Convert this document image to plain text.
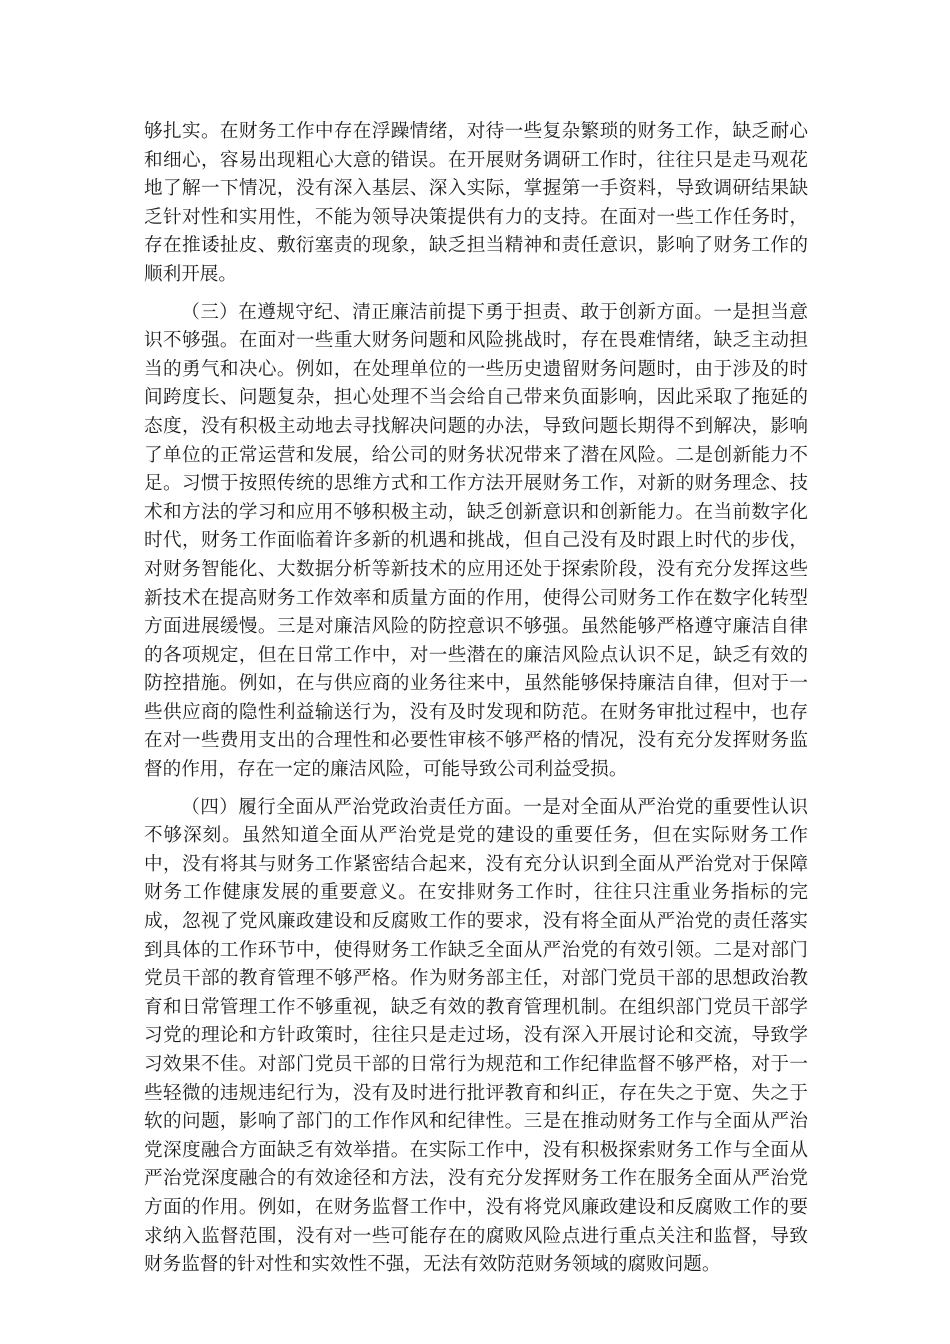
够扎实。在财务工作中存在浮躁情绪，对待一些复杂繁琐的财务工作，缺乏耐心和细心，容易出现粗心大意的错误。在开展财务调研工作时，往往只是走马观花地了解一下情况，没有深入基层、深入实际，掌握第一手资料，导致调研结果缺乏针对性和实用性，不能为领导决策提供有力的支持。在面对一些工作任务时，存在推诿扯皮、敷衍塞责的现象，缺乏担当精神和责任意识，影响了财务工作的顺利开展。

（三）在遵规守纪、清正廉洁前提下勇于担责、敢于创新方面。一是担当意识不够强。在面对一些重大财务问题和风险挑战时，存在畏难情绪，缺乏主动担当的勇气和决心。例如，在处理单位的一些历史遗留财务问题时，由于涉及的时间跨度长、问题复杂，担心处理不当会给自己带来负面影响，因此采取了拖延的态度，没有积极主动地去寻找解决问题的办法，导致问题长期得不到解决，影响了单位的正常运营和发展，给公司的财务状况带来了潜在风险。二是创新能力不足。习惯于按照传统的思维方式和工作方法开展财务工作，对新的财务理念、技术和方法的学习和应用不够积极主动，缺乏创新意识和创新能力。在当前数字化时代，财务工作面临着许多新的机遇和挑战，但自己没有及时跟上时代的步伐，对财务智能化、大数据分析等新技术的应用还处于探索阶段，没有充分发挥这些新技术在提高财务工作效率和质量方面的作用，使得公司财务工作在数字化转型方面进展缓慢。三是对廉洁风险的防控意识不够强。虽然能够严格遵守廉洁自律的各项规定，但在日常工作中，对一些潜在的廉洁风险点认识不足，缺乏有效的防控措施。例如，在与供应商的业务往来中，虽然能够保持廉洁自律，但对于一些供应商的隐性利益输送行为，没有及时发现和防范。在财务审批过程中，也存在对一些费用支出的合理性和必要性审核不够严格的情况，没有充分发挥财务监督的作用，存在一定的廉洁风险，可能导致公司利益受损。

（四）履行全面从严治党政治责任方面。一是对全面从严治党的重要性认识不够深刻。虽然知道全面从严治党是党的建设的重要任务，但在实际财务工作中，没有将其与财务工作紧密结合起来，没有充分认识到全面从严治党对于保障财务工作健康发展的重要意义。在安排财务工作时，往往只注重业务指标的完成，忽视了党风廉政建设和反腐败工作的要求，没有将全面从严治党的责任落实到具体的工作环节中，使得财务工作缺乏全面从严治党的有效引领。二是对部门党员干部的教育管理不够严格。作为财务部主任，对部门党员干部的思想政治教育和日常管理工作不够重视，缺乏有效的教育管理机制。在组织部门党员干部学习党的理论和方针政策时，往往只是走过场，没有深入开展讨论和交流，导致学习效果不佳。对部门党员干部的日常行为规范和工作纪律监督不够严格，对于一些轻微的违规违纪行为，没有及时进行批评教育和纠正，存在失之于宽、失之于软的问题，影响了部门的工作作风和纪律性。三是在推动财务工作与全面从严治党深度融合方面缺乏有效举措。在实际工作中，没有积极探索财务工作与全面从严治党深度融合的有效途径和方法，没有充分发挥财务工作在服务全面从严治党方面的作用。例如，在财务监督工作中，没有将党风廉政建设和反腐败工作的要求纳入监督范围，没有对一些可能存在的腐败风险点进行重点关注和监督，导致财务监督的针对性和实效性不强，无法有效防范财务领域的腐败问题。
